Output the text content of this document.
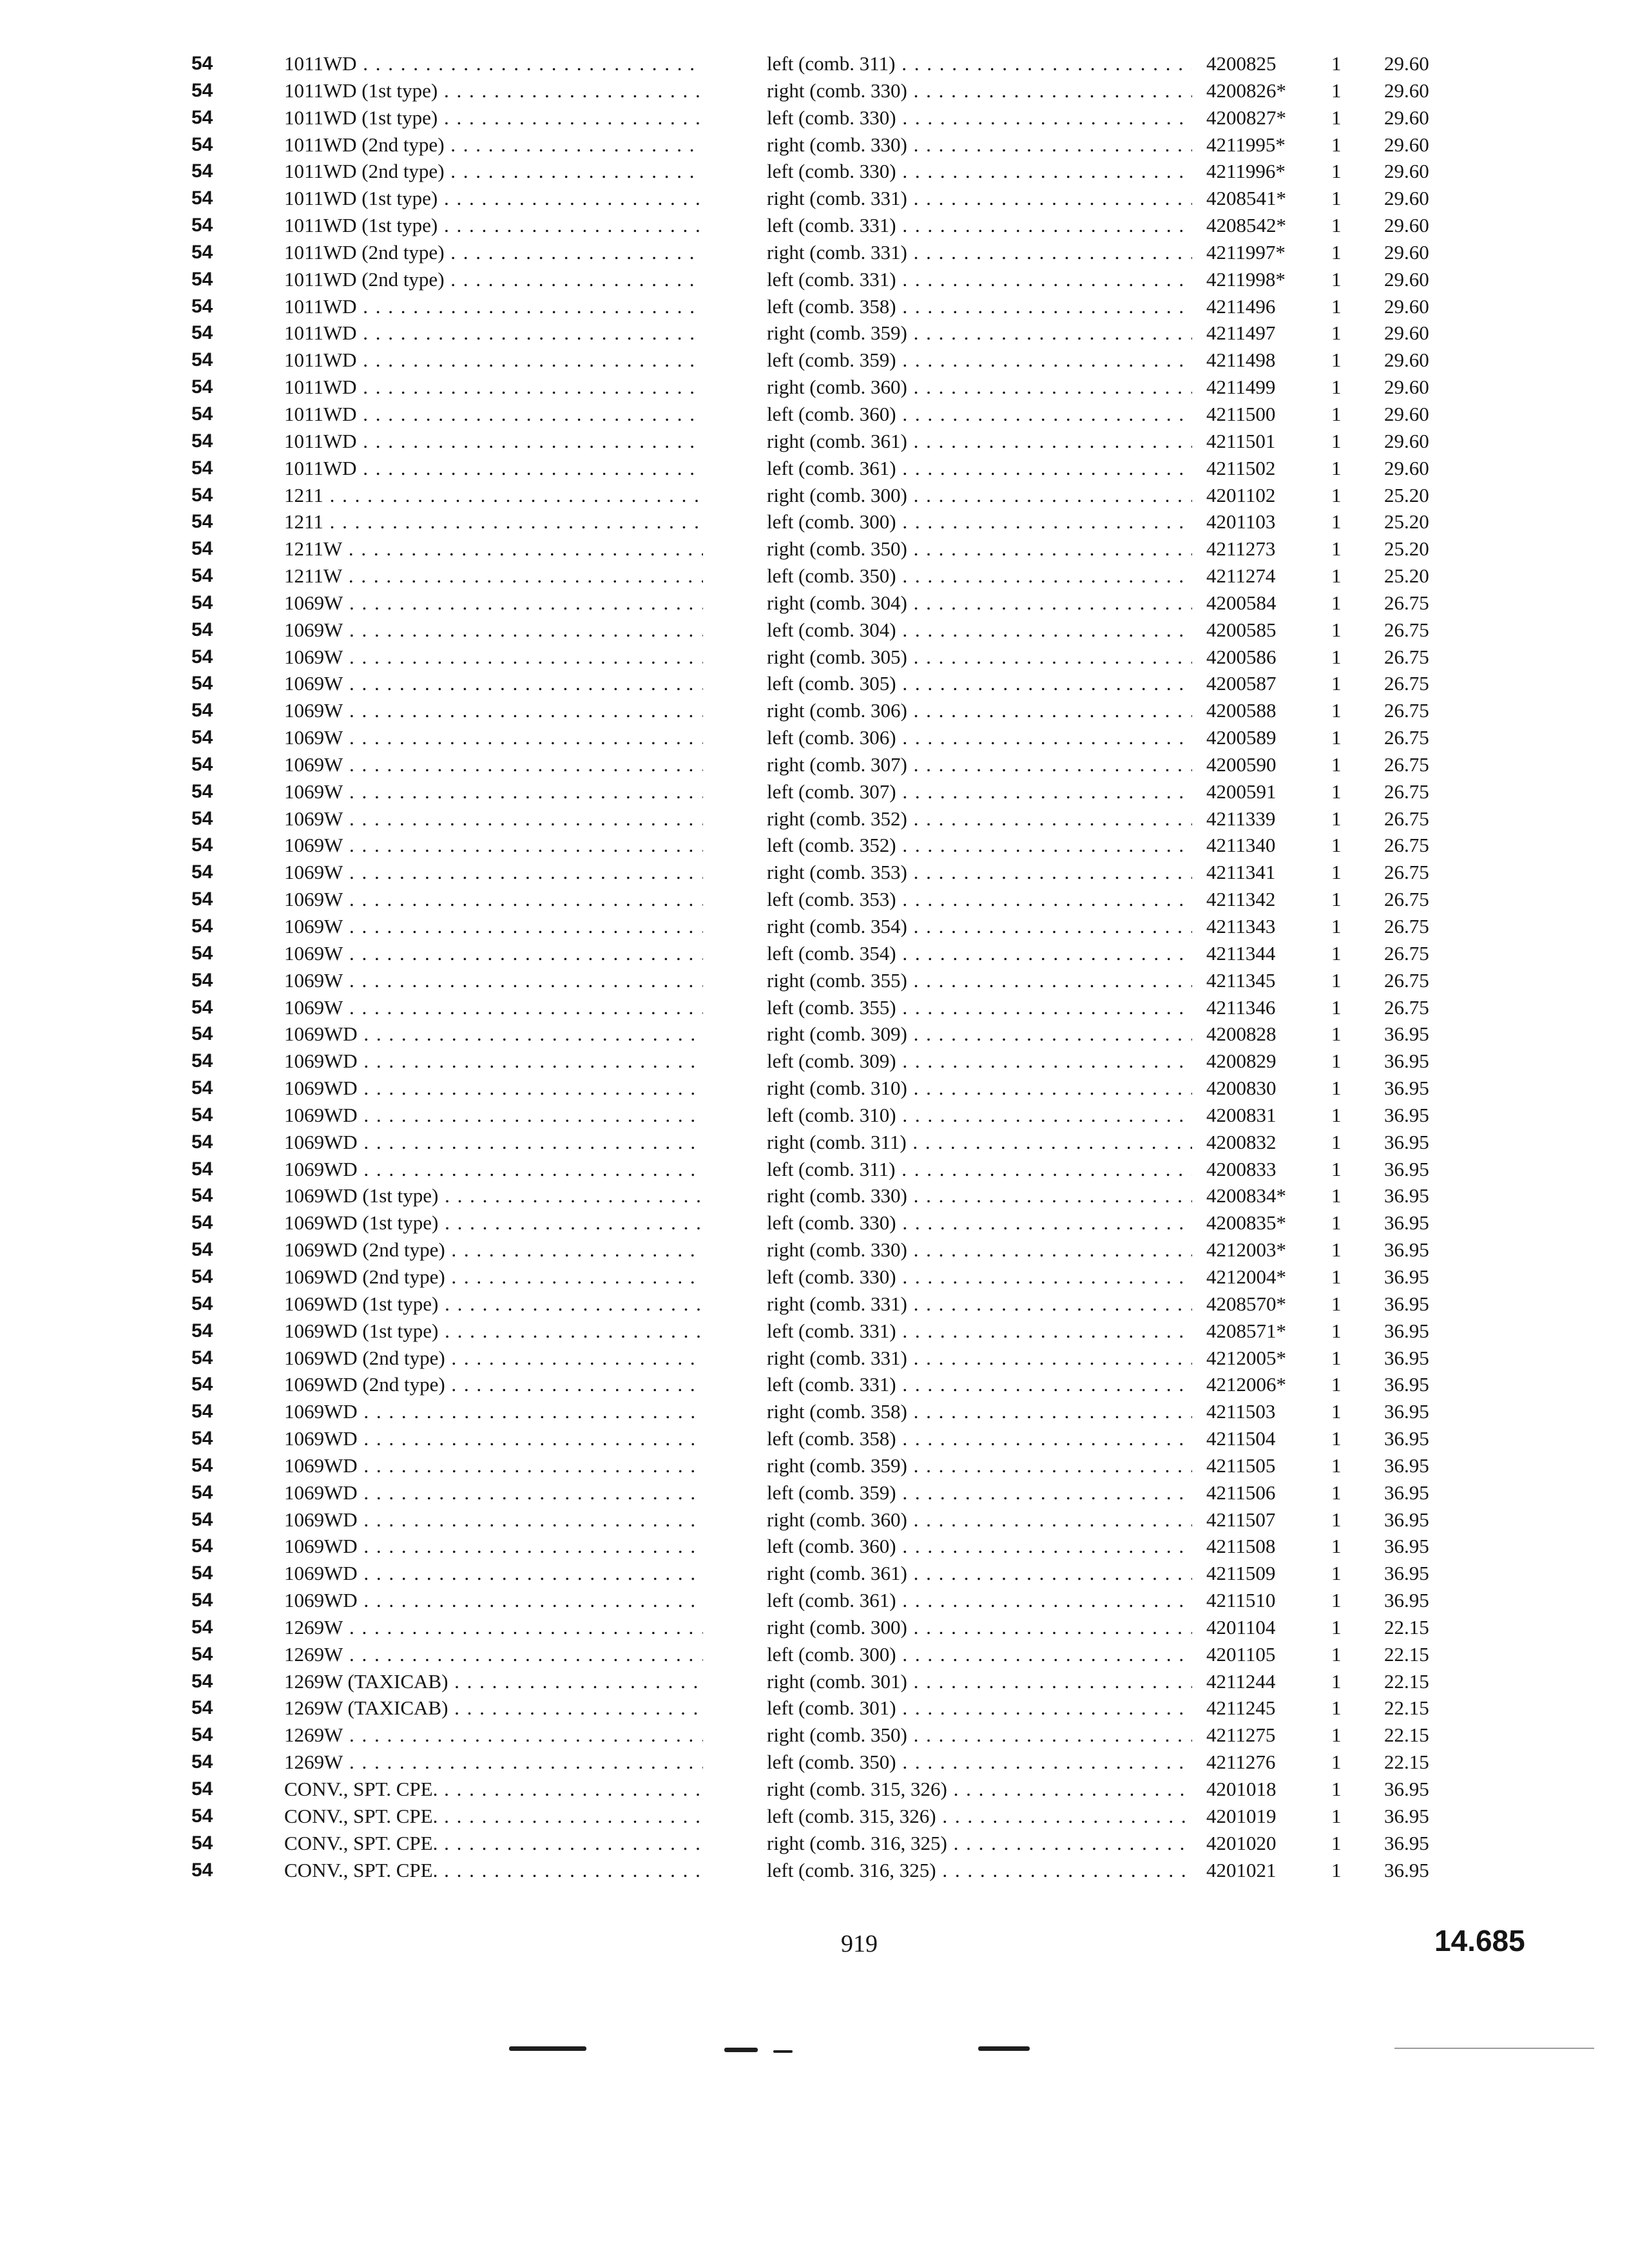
54	1011WD . . .	left (comb. 311) . . .	4200825	1	29.60
54	1011WD (1st type) . . .	right (comb. 330) . . .	4200826*	1	29.60
54	1011WD (1st type) . . .	left (comb. 330) . . .	4200827*	1	29.60
54	1011WD (2nd type) . . .	right (comb. 330) . . .	4211995*	1	29.60
54	1011WD (2nd type) . . .	left (comb. 330) . . .	4211996*	1	29.60
54	1011WD (1st type) . . .	right (comb. 331) . . .	4208541*	1	29.60
54	1011WD (1st type) . . .	left (comb. 331) . . .	4208542*	1	29.60
54	1011WD (2nd type) . . .	right (comb. 331) . . .	4211997*	1	29.60
54	1011WD (2nd type) . . .	left (comb. 331) . . .	4211998*	1	29.60
54	1011WD . . .	left (comb. 358) . . .	4211496	1	29.60
54	1011WD . . .	right (comb. 359) . . .	4211497	1	29.60
54	1011WD . . .	left (comb. 359) . . .	4211498	1	29.60
54	1011WD . . .	right (comb. 360) . . .	4211499	1	29.60
54	1011WD . . .	left (comb. 360) . . .	4211500	1	29.60
54	1011WD . . .	right (comb. 361) . . .	4211501	1	29.60
54	1011WD . . .	left (comb. 361) . . .	4211502	1	29.60
54	1211 . . .	right (comb. 300) . . .	4201102	1	25.20
54	1211 . . .	left (comb. 300) . . .	4201103	1	25.20
54	1211W . . .	right (comb. 350) . . .	4211273	1	25.20
54	1211W . . .	left (comb. 350) . . .	4211274	1	25.20
54	1069W . . .	right (comb. 304) . . .	4200584	1	26.75
54	1069W . . .	left (comb. 304) . . .	4200585	1	26.75
54	1069W . . .	right (comb. 305) . . .	4200586	1	26.75
54	1069W . . .	left (comb. 305) . . .	4200587	1	26.75
54	1069W . . .	right (comb. 306) . . .	4200588	1	26.75
54	1069W . . .	left (comb. 306) . . .	4200589	1	26.75
54	1069W . . .	right (comb. 307) . . .	4200590	1	26.75
54	1069W . . .	left (comb. 307) . . .	4200591	1	26.75
54	1069W . . .	right (comb. 352) . . .	4211339	1	26.75
54	1069W . . .	left (comb. 352) . . .	4211340	1	26.75
54	1069W . . .	right (comb. 353) . . .	4211341	1	26.75
54	1069W . . .	left (comb. 353) . . .	4211342	1	26.75
54	1069W . . .	right (comb. 354) . . .	4211343	1	26.75
54	1069W . . .	left (comb. 354) . . .	4211344	1	26.75
54	1069W . . .	right (comb. 355) . . .	4211345	1	26.75
54	1069W . . .	left (comb. 355) . . .	4211346	1	26.75
54	1069WD . . .	right (comb. 309) . . .	4200828	1	36.95
54	1069WD . . .	left (comb. 309) . . .	4200829	1	36.95
54	1069WD . . .	right (comb. 310) . . .	4200830	1	36.95
54	1069WD . . .	left (comb. 310) . . .	4200831	1	36.95
54	1069WD . . .	right (comb. 311) . . .	4200832	1	36.95
54	1069WD . . .	left (comb. 311) . . .	4200833	1	36.95
54	1069WD (1st type) . . .	right (comb. 330) . . .	4200834*	1	36.95
54	1069WD (1st type) . . .	left (comb. 330) . . .	4200835*	1	36.95
54	1069WD (2nd type) . . .	right (comb. 330) . . .	4212003*	1	36.95
54	1069WD (2nd type) . . .	left (comb. 330) . . .	4212004*	1	36.95
54	1069WD (1st type) . . .	right (comb. 331) . . .	4208570*	1	36.95
54	1069WD (1st type) . . .	left (comb. 331) . . .	4208571*	1	36.95
54	1069WD (2nd type) . . .	right (comb. 331) . . .	4212005*	1	36.95
54	1069WD (2nd type) . . .	left (comb. 331) . . .	4212006*	1	36.95
54	1069WD . . .	right (comb. 358) . . .	4211503	1	36.95
54	1069WD . . .	left (comb. 358) . . .	4211504	1	36.95
54	1069WD . . .	right (comb. 359) . . .	4211505	1	36.95
54	1069WD . . .	left (comb. 359) . . .	4211506	1	36.95
54	1069WD . . .	right (comb. 360) . . .	4211507	1	36.95
54	1069WD . . .	left (comb. 360) . . .	4211508	1	36.95
54	1069WD . . .	right (comb. 361) . . .	4211509	1	36.95
54	1069WD . . .	left (comb. 361) . . .	4211510	1	36.95
54	1269W . . .	right (comb. 300) . . .	4201104	1	22.15
54	1269W . . .	left (comb. 300) . . .	4201105	1	22.15
54	1269W (TAXICAB) . . .	right (comb. 301) . . .	4211244	1	22.15
54	1269W (TAXICAB) . . .	left (comb. 301) . . .	4211245	1	22.15
54	1269W . . .	right (comb. 350) . . .	4211275	1	22.15
54	1269W . . .	left (comb. 350) . . .	4211276	1	22.15
54	CONV., SPT. CPE. . . .	right (comb. 315, 326) . . .	4201018	1	36.95
54	CONV., SPT. CPE. . . .	left (comb. 315, 326) . . .	4201019	1	36.95
54	CONV., SPT. CPE. . . .	right (comb. 316, 325) . . .	4201020	1	36.95
54	CONV., SPT. CPE. . . .	left (comb. 316, 325) . . .	4201021	1	36.95
919	14.685
